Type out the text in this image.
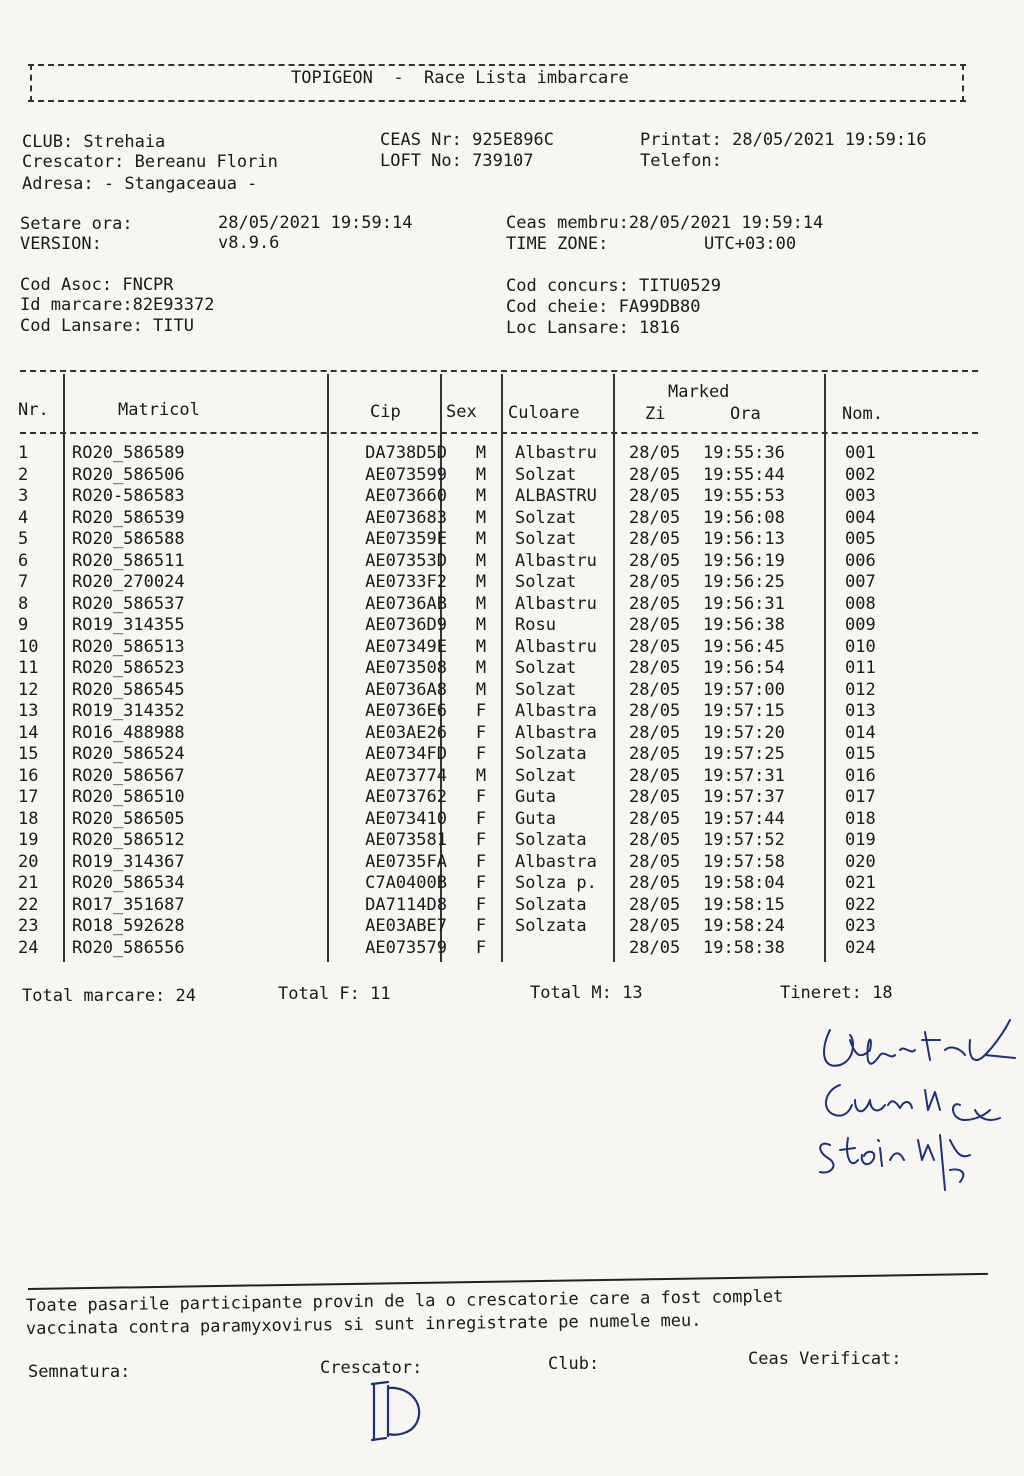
TOPIGEON  -  Race Lista imbarcare
CLUB: Strehaia
Crescator: Bereanu Florin
Adresa: - Stangaceaua -
CEAS Nr: 925E896C
LOFT No: 739107
Printat: 28/05/2021 19:59:16
Telefon:
Setare ora:	28/05/2021 19:59:14
VERSION:	v8.9.6
Ceas membru:28/05/2021 19:59:14
TIME ZONE:	UTC+03:00
Cod Asoc: FNCPR
Id marcare:82E93372
Cod Lansare: TITU
Cod concurs: TITU0529
Cod cheie: FA99DB80
Loc Lansare: 1816
Nr.	Matricol	Cip	Sex Culoare
Marked
Zi	Ora	Nom.
1	RO20_586589	DA738D5D	M	Albastru	28/05	19:55:36	001
2	RO20_586506	AE073599	M	Solzat	28/05	19:55:44	002
3	RO20-586583	AE073660	M	ALBASTRU	28/05	19:55:53	003
4	RO20_586539	AE073683	M	Solzat	28/05	19:56:08	004
5	RO20_586588	AE07359E	M	Solzat	28/05	19:56:13	005
6	RO20_586511	AE07353D	M	Albastru	28/05	19:56:19	006
7	RO20_270024	AE0733F2	M	Solzat	28/05	19:56:25	007
8	RO20_586537	AE0736AB	M	Albastru	28/05	19:56:31	008
9	RO19_314355	AE0736D9	M	Rosu	28/05	19:56:38	009
10	RO20_586513	AE07349E	M	Albastru	28/05	19:56:45	010
11	RO20_586523	AE073508	M	Solzat	28/05	19:56:54	011
12	RO20_586545	AE0736A8	M	Solzat	28/05	19:57:00	012
13	RO19_314352	AE0736E6	F	Albastra	28/05	19:57:15	013
14	RO16_488988	AE03AE26	F	Albastra	28/05	19:57:20	014
15	RO20_586524	AE0734FD	F	Solzata	28/05	19:57:25	015
16	RO20_586567	AE073774	M	Solzat	28/05	19:57:31	016
17	RO20_586510	AE073762	F	Guta	28/05	19:57:37	017
18	RO20_586505	AE073410	F	Guta	28/05	19:57:44	018
19	RO20_586512	AE073581	F	Solzata	28/05	19:57:52	019
20	RO19_314367	AE0735FA	F	Albastra	28/05	19:57:58	020
21	RO20_586534	C7A0400B	F	Solza p.	28/05	19:58:04	021
22	RO17_351687	DA7114D8	F	Solzata	28/05	19:58:15	022
23	RO18_592628	AE03ABE7	F	Solzata	28/05	19:58:24	023
24	RO20_586556	AE073579	F		28/05	19:58:38	024
Total marcare: 24	Total F: 11	Total M: 13	Tineret: 18
Toate pasarile participante provin de la o crescatorie care a fost complet
vaccinata contra paramyxovirus si sunt inregistrate pe numele meu.
Semnatura:	Crescator:	Club:	Ceas Verificat:
